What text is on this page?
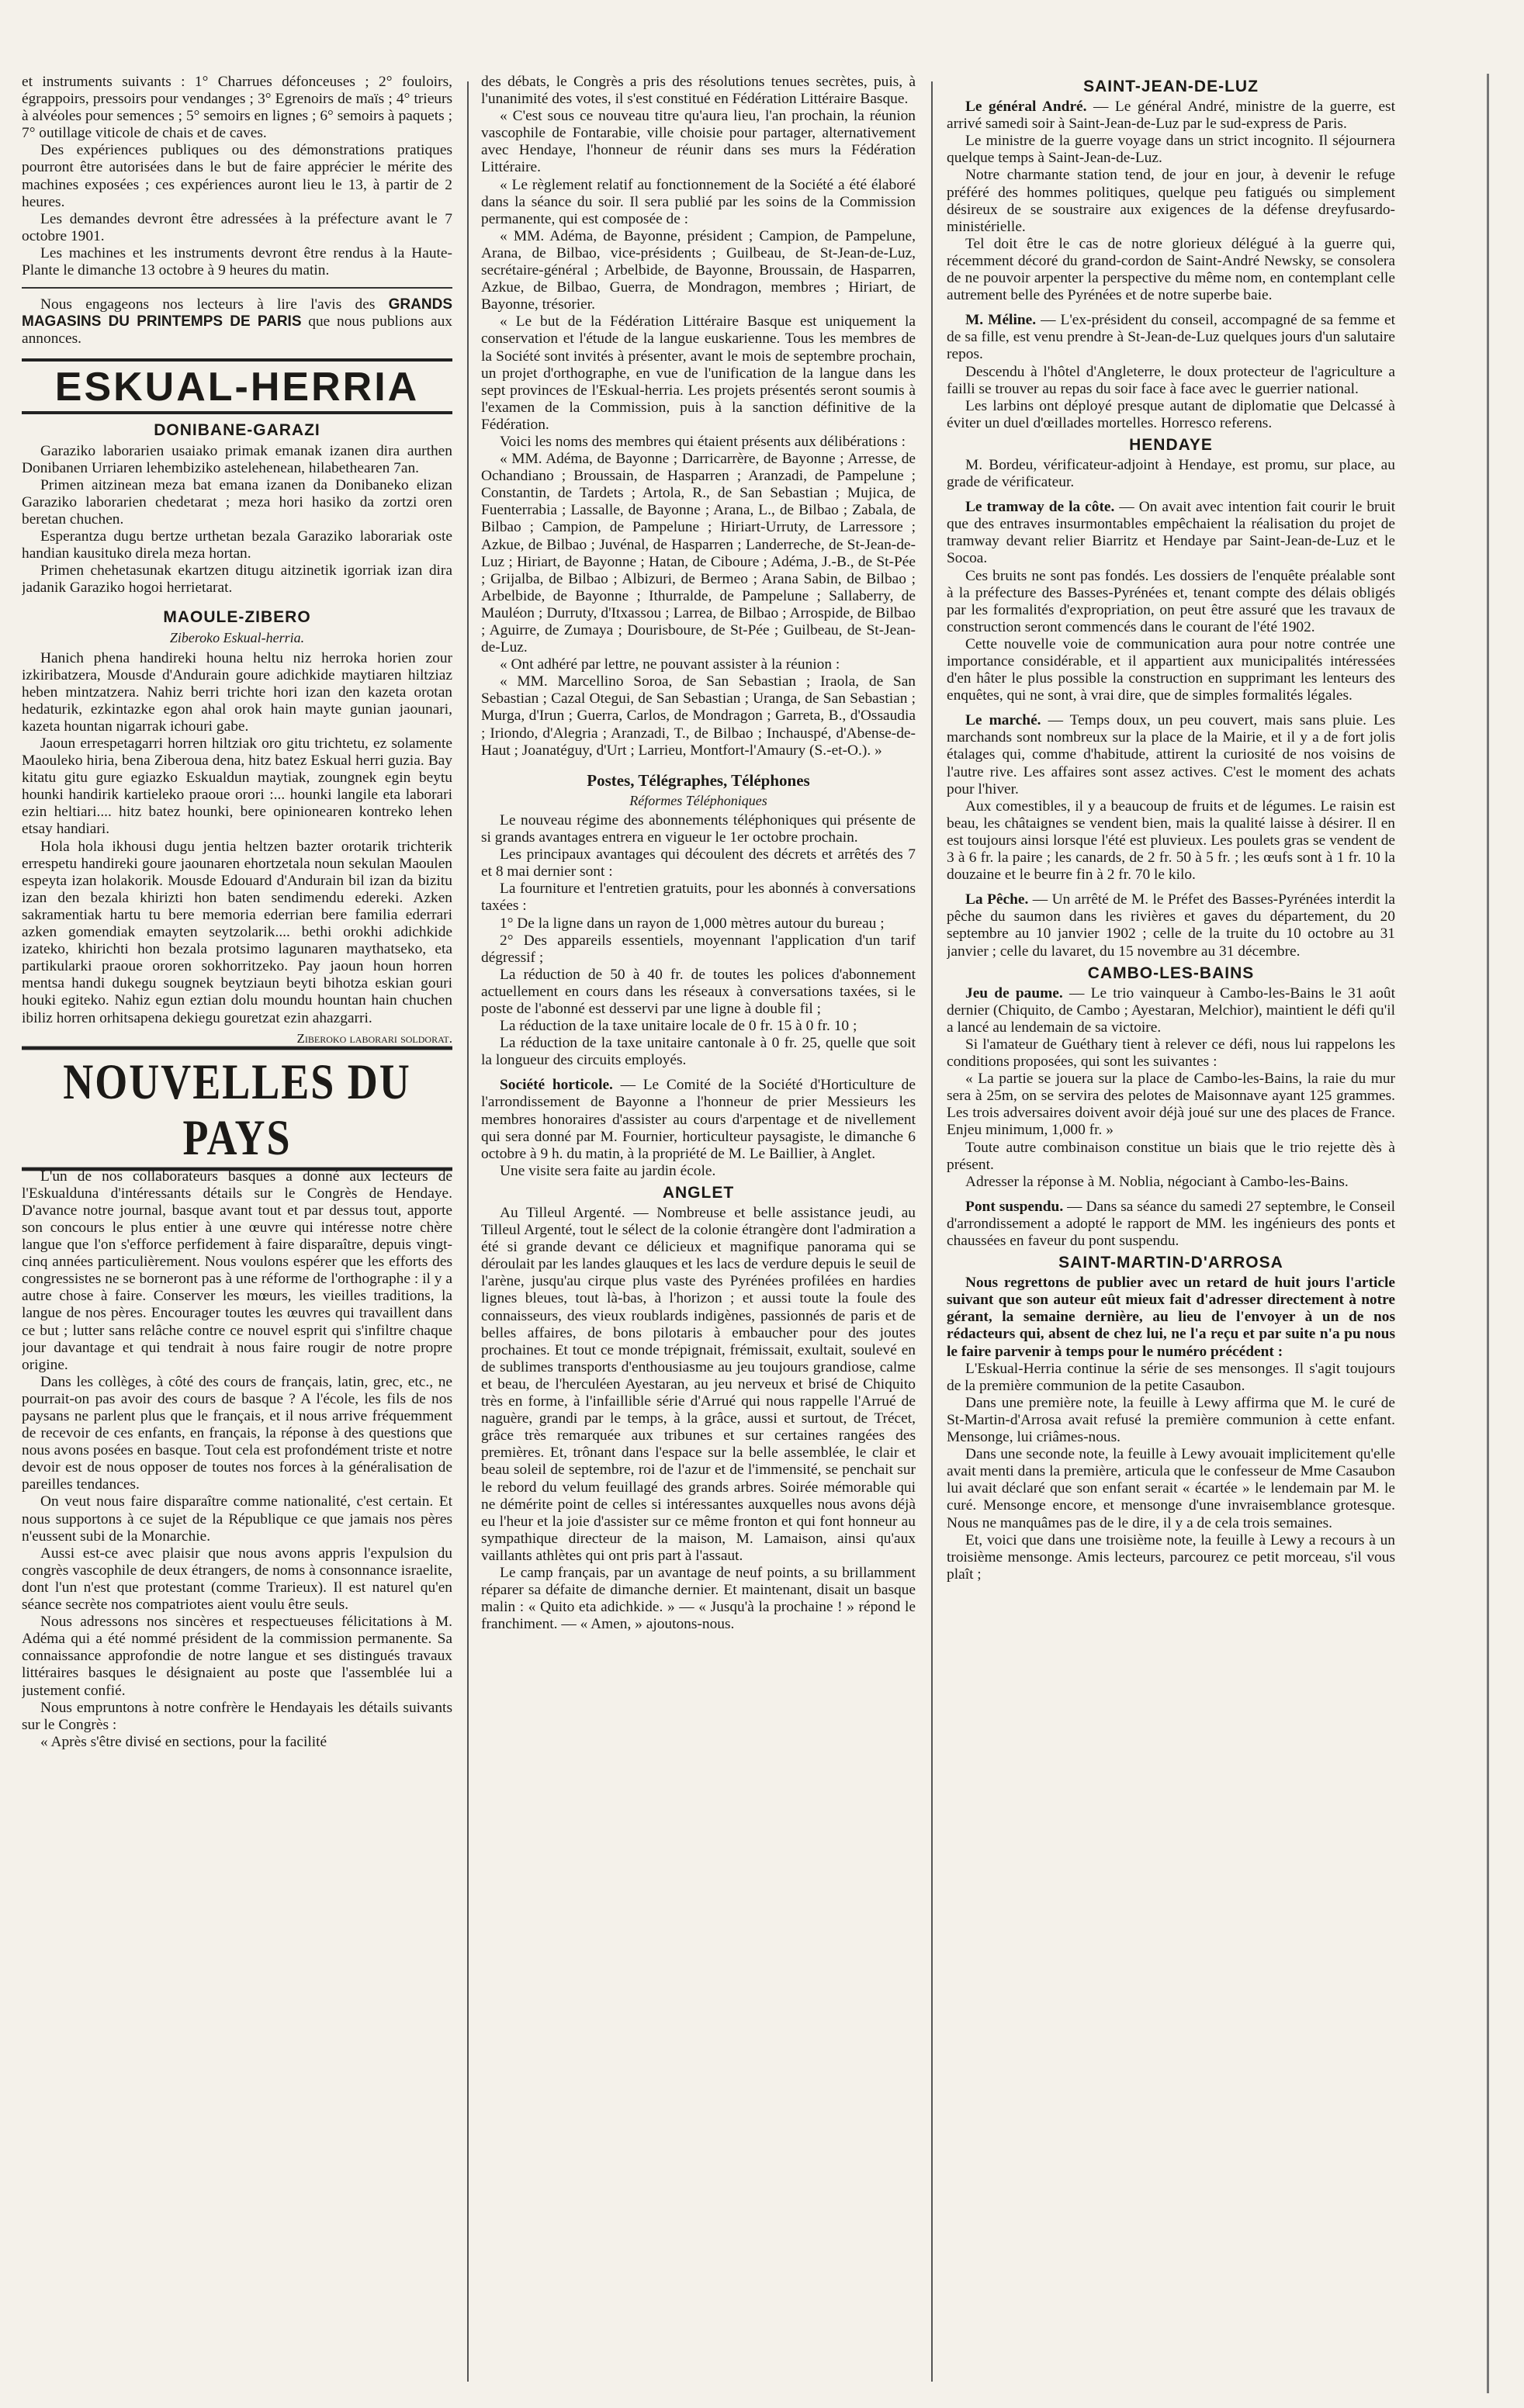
et instruments suivants : 1° Charrues défonceuses ; 2° fouloirs, égrappoirs, pressoirs pour vendanges ; 3° Egrenoirs de maïs ; 4° trieurs à alvéoles pour semences ; 5° semoirs en lignes ; 6° semoirs à paquets ; 7° outillage viticole de chais et de caves.

Des expériences publiques ou des démonstrations pratiques pourront être autorisées dans le but de faire apprécier le mérite des machines exposées ; ces expériences auront lieu le 13, à partir de 2 heures.

Les demandes devront être adressées à la préfecture avant le 7 octobre 1901.

Les machines et les instruments devront être rendus à la Haute-Plante le dimanche 13 octobre à 9 heures du matin.

Nous engageons nos lecteurs à lire l'avis des GRANDS MAGASINS DU PRINTEMPS DE PARIS que nous publions aux annonces.

ESKUAL-HERRIA
DONIBANE-GARAZI

Garaziko laborarien usaiako primak emanak izanen dira aurthen Donibanen Urriaren lehembiziko astelehenean, hilabethearen 7an.

Primen aitzinean meza bat emana izanen da Donibaneko elizan Garaziko laborarien chedetarat ; meza hori hasiko da zortzi oren beretan chuchen.

Esperantza dugu bertze urthetan bezala Garaziko laborariak oste handian kausituko direla meza hortan.

Primen chehetasunak ekartzen ditugu aitzinetik igorriak izan dira jadanik Garaziko hogoi herrietarat.

MAOULE-ZIBERO
Ziberoko Eskual-herria.

Hanich phena handireki houna heltu niz herroka horien zour izkiribatzera, Mousde d'Andurain goure adichkide maytiaren hiltziaz heben mintzatzera. Nahiz berri trichte hori izan den kazeta orotan hedaturik, ezkintazke egon ahal orok hain mayte gunian jaounari, kazeta hountan nigarrak ichouri gabe.

Jaoun errespetagarri horren hiltziak oro gitu trichtetu, ez solamente Maouleko hiria, bena Ziberoua dena, hitz batez Eskual herri guzia. Bay kitatu gitu gure egiazko Eskualdun maytiak, zoungnek egin beytu hounki handirik kartieleko praoue orori :... hounki langile eta laborari ezin heltiari.... hitz batez hounki, bere opinionearen kontreko lehen etsay handiari.

Hola hola ikhousi dugu jentia heltzen bazter orotarik trichterik errespetu handireki goure jaounaren ehortzetala noun sekulan Maoulen espeyta izan holakorik. Mousde Edouard d'Andurain bil izan da bizitu izan den bezala khirizti hon baten sendimendu edereki. Azken sakramentiak hartu tu bere memoria ederrian bere familia ederrari azken gomendiak emayten seytzolarik.... bethi orokhi adichkide izateko, khirichti hon bezala protsimo lagunaren maythatseko, eta partikularki praoue ororen sokhorritzeko. Pay jaoun houn horren mentsa handi dukegu sougnek beytziaun beyti bihotza eskian gouri houki egiteko. Nahiz egun eztian dolu moundu hountan hain chuchen ibiliz horren orhitsapena dekiegu gouretzat ezin ahazgarri.

Ziberoko laborari soldorat.
NOUVELLES DU PAYS

L'un de nos collaborateurs basques a donné aux lecteurs de l'Eskualduna d'intéressants détails sur le Congrès de Hendaye. D'avance notre journal, basque avant tout et par dessus tout, apporte son concours le plus entier à une œuvre qui intéresse notre chère langue que l'on s'efforce perfidement à faire disparaître, depuis vingt-cinq années particulièrement. Nous voulons espérer que les efforts des congressistes ne se borneront pas à une réforme de l'orthographe : il y a autre chose à faire. Conserver les mœurs, les vieilles traditions, la langue de nos pères. Encourager toutes les œuvres qui travaillent dans ce but ; lutter sans relâche contre ce nouvel esprit qui s'infiltre chaque jour davantage et qui tendrait à nous faire rougir de notre propre origine.

Dans les collèges, à côté des cours de français, latin, grec, etc., ne pourrait-on pas avoir des cours de basque ? A l'école, les fils de nos paysans ne parlent plus que le français, et il nous arrive fréquemment de recevoir de ces enfants, en français, la réponse à des questions que nous avons posées en basque. Tout cela est profondément triste et notre devoir est de nous opposer de toutes nos forces à la généralisation de pareilles tendances.

On veut nous faire disparaître comme nationalité, c'est certain. Et nous supportons à ce sujet de la République ce que jamais nos pères n'eussent subi de la Monarchie.

Aussi est-ce avec plaisir que nous avons appris l'expulsion du congrès vascophile de deux étrangers, de noms à consonnance israelite, dont l'un n'est que protestant (comme Trarieux). Il est naturel qu'en séance secrète nos compatriotes aient voulu être seuls.

Nous adressons nos sincères et respectueuses félicitations à M. Adéma qui a été nommé président de la commission permanente. Sa connaissance approfondie de notre langue et ses distingués travaux littéraires basques le désignaient au poste que l'assemblée lui a justement confié.

Nous empruntons à notre confrère le Hendayais les détails suivants sur le Congrès :

« Après s'être divisé en sections, pour la facilité

des débats, le Congrès a pris des résolutions tenues secrètes, puis, à l'unanimité des votes, il s'est constitué en Fédération Littéraire Basque.

« C'est sous ce nouveau titre qu'aura lieu, l'an prochain, la réunion vascophile de Fontarabie, ville choisie pour partager, alternativement avec Hendaye, l'honneur de réunir dans ses murs la Fédération Littéraire.

« Le règlement relatif au fonctionnement de la Société a été élaboré dans la séance du soir. Il sera publié par les soins de la Commission permanente, qui est composée de :

« MM. Adéma, de Bayonne, président ; Campion, de Pampelune, Arana, de Bilbao, vice-présidents ; Guilbeau, de St-Jean-de-Luz, secrétaire-général ; Arbelbide, de Bayonne, Broussain, de Hasparren, Azkue, de Bilbao, Guerra, de Mondragon, membres ; Hiriart, de Bayonne, trésorier.

« Le but de la Fédération Littéraire Basque est uniquement la conservation et l'étude de la langue euskarienne. Tous les membres de la Société sont invités à présenter, avant le mois de septembre prochain, un projet d'orthographe, en vue de l'unification de la langue dans les sept provinces de l'Eskual-herria. Les projets présentés seront soumis à l'examen de la Commission, puis à la sanction définitive de la Fédération.

Voici les noms des membres qui étaient présents aux délibérations :

« MM. Adéma, de Bayonne ; Darricarrère, de Bayonne ; Arresse, de Ochandiano ; Broussain, de Hasparren ; Aranzadi, de Pampelune ; Constantin, de Tardets ; Artola, R., de San Sebastian ; Mujica, de Fuenterrabia ; Lassalle, de Bayonne ; Arana, L., de Bilbao ; Zabala, de Bilbao ; Campion, de Pampelune ; Hiriart-Urruty, de Larressore ; Azkue, de Bilbao ; Juvénal, de Hasparren ; Landerreche, de St-Jean-de-Luz ; Hiriart, de Bayonne ; Hatan, de Ciboure ; Adéma, J.-B., de St-Pée ; Grijalba, de Bilbao ; Albizuri, de Bermeo ; Arana Sabin, de Bilbao ; Arbelbide, de Bayonne ; Ithurralde, de Pampelune ; Sallaberry, de Mauléon ; Durruty, d'Itxassou ; Larrea, de Bilbao ; Arrospide, de Bilbao ; Aguirre, de Zumaya ; Dourisboure, de St-Pée ; Guilbeau, de St-Jean-de-Luz.

« Ont adhéré par lettre, ne pouvant assister à la réunion :

« MM. Marcellino Soroa, de San Sebastian ; Iraola, de San Sebastian ; Cazal Otegui, de San Sebastian ; Uranga, de San Sebastian ; Murga, d'Irun ; Guerra, Carlos, de Mondragon ; Garreta, B., d'Ossaudia ; Iriondo, d'Alegria ; Aranzadi, T., de Bilbao ; Inchauspé, d'Abense-de-Haut ; Joanatéguy, d'Urt ; Larrieu, Montfort-l'Amaury (S.-et-O.). »

Postes, Télégraphes, Téléphones
Réformes Téléphoniques

Le nouveau régime des abonnements téléphoniques qui présente de si grands avantages entrera en vigueur le 1er octobre prochain.

Les principaux avantages qui découlent des décrets et arrêtés des 7 et 8 mai dernier sont :

La fourniture et l'entretien gratuits, pour les abonnés à conversations taxées :

1° De la ligne dans un rayon de 1,000 mètres autour du bureau ;

2° Des appareils essentiels, moyennant l'application d'un tarif dégressif ;

La réduction de 50 à 40 fr. de toutes les polices d'abonnement actuellement en cours dans les réseaux à conversations taxées, si le poste de l'abonné est desservi par une ligne à double fil ;

La réduction de la taxe unitaire locale de 0 fr. 15 à 0 fr. 10 ;

La réduction de la taxe unitaire cantonale à 0 fr. 25, quelle que soit la longueur des circuits employés.

Société horticole. — Le Comité de la Société d'Horticulture de l'arrondissement de Bayonne a l'honneur de prier Messieurs les membres honoraires d'assister au cours d'arpentage et de nivellement qui sera donné par M. Fournier, horticulteur paysagiste, le dimanche 6 octobre à 9 h. du matin, à la propriété de M. Le Baillier, à Anglet.

Une visite sera faite au jardin école.

ANGLET

Au Tilleul Argenté. — Nombreuse et belle assistance jeudi, au Tilleul Argenté, tout le sélect de la colonie étrangère dont l'admiration a été si grande devant ce délicieux et magnifique panorama qui se déroulait par les landes glauques et les lacs de verdure depuis le seuil de l'arène, jusqu'au cirque plus vaste des Pyrénées profilées en hardies lignes bleues, tout là-bas, à l'horizon ; et aussi toute la foule des connaisseurs, des vieux roublards indigènes, passionnés de paris et de belles affaires, de bons pilotaris à embaucher pour des joutes prochaines. Et tout ce monde trépignait, frémissait, exultait, soulevé en de sublimes transports d'enthousiasme au jeu toujours grandiose, calme et beau, de l'herculéen Ayestaran, au jeu nerveux et brisé de Chiquito très en forme, à l'infaillible série d'Arrué qui nous rappelle l'Arrué de naguère, grandi par le temps, à la grâce, aussi et surtout, de Trécet, grâce très remarquée aux tribunes et sur certaines rangées des premières. Et, trônant dans l'espace sur la belle assemblée, le clair et beau soleil de septembre, roi de l'azur et de l'immensité, se penchait sur le rebord du velum feuillagé des grands arbres. Soirée mémorable qui ne démérite point de celles si intéressantes auxquelles nous avons déjà eu l'heur et la joie d'assister sur ce même fronton et qui font honneur au sympathique directeur de la maison, M. Lamaison, ainsi qu'aux vaillants athlètes qui ont pris part à l'assaut.

Le camp français, par un avantage de neuf points, a su brillamment réparer sa défaite de dimanche dernier. Et maintenant, disait un basque malin : « Quito eta adichkide. » — « Jusqu'à la prochaine ! » répond le franchiment. — « Amen, » ajoutons-nous.

SAINT-JEAN-DE-LUZ

Le général André. — Le général André, ministre de la guerre, est arrivé samedi soir à Saint-Jean-de-Luz par le sud-express de Paris.

Le ministre de la guerre voyage dans un strict incognito. Il séjournera quelque temps à Saint-Jean-de-Luz.

Notre charmante station tend, de jour en jour, à devenir le refuge préféré des hommes politiques, quelque peu fatigués ou simplement désireux de se soustraire aux exigences de la défense dreyfusardo-ministérielle.

Tel doit être le cas de notre glorieux délégué à la guerre qui, récemment décoré du grand-cordon de Saint-André Newsky, se consolera de ne pouvoir arpenter la perspective du même nom, en contemplant celle autrement belle des Pyrénées et de notre superbe baie.

M. Méline. — L'ex-président du conseil, accompagné de sa femme et de sa fille, est venu prendre à St-Jean-de-Luz quelques jours d'un salutaire repos.

Descendu à l'hôtel d'Angleterre, le doux protecteur de l'agriculture a failli se trouver au repas du soir face à face avec le guerrier national.

Les larbins ont déployé presque autant de diplomatie que Delcassé à éviter un duel d'œillades mortelles. Horresco referens.

HENDAYE

M. Bordeu, vérificateur-adjoint à Hendaye, est promu, sur place, au grade de vérificateur.

Le tramway de la côte. — On avait avec intention fait courir le bruit que des entraves insurmontables empêchaient la réalisation du projet de tramway devant relier Biarritz et Hendaye par Saint-Jean-de-Luz et le Socoa.

Ces bruits ne sont pas fondés. Les dossiers de l'enquête préalable sont à la préfecture des Basses-Pyrénées et, tenant compte des délais obligés par les formalités d'expropriation, on peut être assuré que les travaux de construction seront commencés dans le courant de l'été 1902.

Cette nouvelle voie de communication aura pour notre contrée une importance considérable, et il appartient aux municipalités intéressées d'en hâter le plus possible la construction en supprimant les lenteurs des enquêtes, qui ne sont, à vrai dire, que de simples formalités légales.

Le marché. — Temps doux, un peu couvert, mais sans pluie. Les marchands sont nombreux sur la place de la Mairie, et il y a de fort jolis étalages qui, comme d'habitude, attirent la curiosité de nos voisins de l'autre rive. Les affaires sont assez actives. C'est le moment des achats pour l'hiver.

Aux comestibles, il y a beaucoup de fruits et de légumes. Le raisin est beau, les châtaignes se vendent bien, mais la qualité laisse à désirer. Il en est toujours ainsi lorsque l'été est pluvieux. Les poulets gras se vendent de 3 à 6 fr. la paire ; les canards, de 2 fr. 50 à 5 fr. ; les œufs sont à 1 fr. 10 la douzaine et le beurre fin à 2 fr. 70 le kilo.

La Pêche. — Un arrêté de M. le Préfet des Basses-Pyrénées interdit la pêche du saumon dans les rivières et gaves du département, du 20 septembre au 10 janvier 1902 ; celle de la truite du 10 octobre au 31 janvier ; celle du lavaret, du 15 novembre au 31 décembre.

CAMBO-LES-BAINS

Jeu de paume. — Le trio vainqueur à Cambo-les-Bains le 31 août dernier (Chiquito, de Cambo ; Ayestaran, Melchior), maintient le défi qu'il a lancé au lendemain de sa victoire.

Si l'amateur de Guéthary tient à relever ce défi, nous lui rappelons les conditions proposées, qui sont les suivantes :

« La partie se jouera sur la place de Cambo-les-Bains, la raie du mur sera à 25m, on se servira des pelotes de Maisonnave ayant 125 grammes. Les trois adversaires doivent avoir déjà joué sur une des places de France. Enjeu minimum, 1,000 fr. »

Toute autre combinaison constitue un biais que le trio rejette dès à présent.

Adresser la réponse à M. Noblia, négociant à Cambo-les-Bains.

Pont suspendu. — Dans sa séance du samedi 27 septembre, le Conseil d'arrondissement a adopté le rapport de MM. les ingénieurs des ponts et chaussées en faveur du pont suspendu.

SAINT-MARTIN-D'ARROSA

Nous regrettons de publier avec un retard de huit jours l'article suivant que son auteur eût mieux fait d'adresser directement à notre gérant, la semaine dernière, au lieu de l'envoyer à un de nos rédacteurs qui, absent de chez lui, ne l'a reçu et par suite n'a pu nous le faire parvenir à temps pour le numéro précédent :

L'Eskual-Herria continue la série de ses mensonges. Il s'agit toujours de la première communion de la petite Casaubon.

Dans une première note, la feuille à Lewy affirma que M. le curé de St-Martin-d'Arrosa avait refusé la première communion à cette enfant. Mensonge, lui criâmes-nous.

Dans une seconde note, la feuille à Lewy avouait implicitement qu'elle avait menti dans la première, articula que le confesseur de Mme Casaubon lui avait déclaré que son enfant serait « écartée » le lendemain par M. le curé. Mensonge encore, et mensonge d'une invraisemblance grotesque. Nous ne manquâmes pas de le dire, il y a de cela trois semaines.

Et, voici que dans une troisième note, la feuille à Lewy a recours à un troisième mensonge. Amis lecteurs, parcourez ce petit morceau, s'il vous plaît ;
